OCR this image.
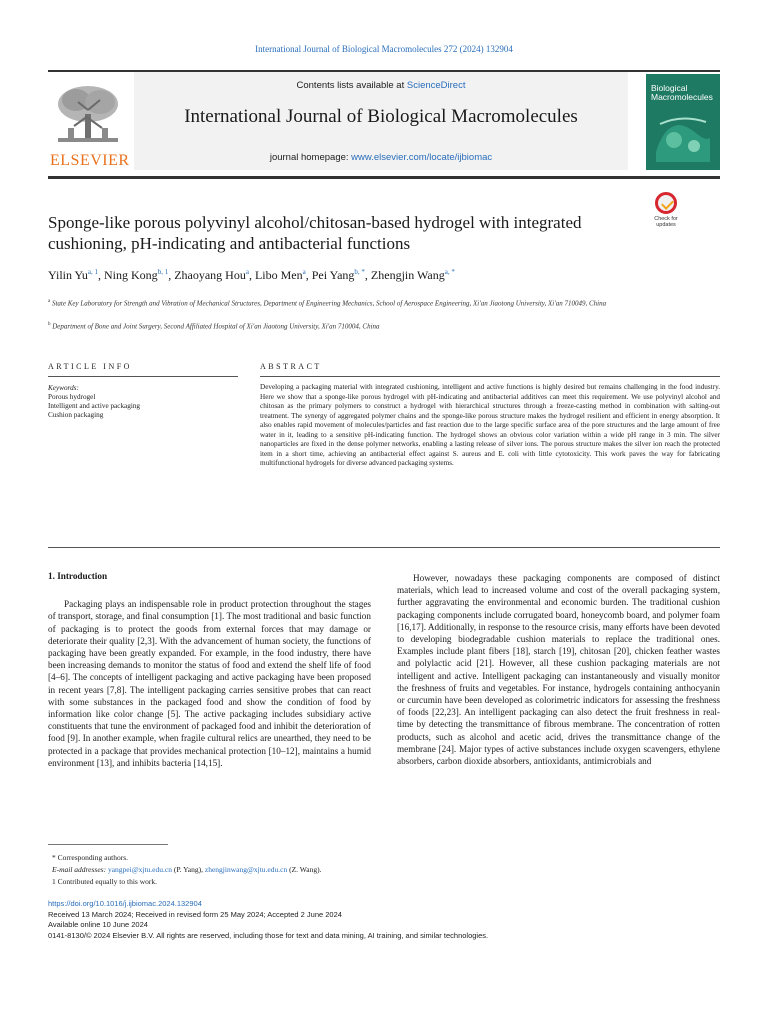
International Journal of Biological Macromolecules 272 (2024) 132904
ELSEVIER
Contents lists available at ScienceDirect
International Journal of Biological Macromolecules
journal homepage: www.elsevier.com/locate/ijbiomac
Biological Macromolecules
Sponge-like porous polyvinyl alcohol/chitosan-based hydrogel with integrated cushioning, pH-indicating and antibacterial functions
Check for updates
Yilin Yu$^{a, 1}$, Ning Kong$^{b, 1}$, Zhaoyang Hou$^a$, Libo Men$^a$, Pei Yang$^{b, *}$, Zhengjin Wang$^{a, *}$
$^a$ State Key Laboratory for Strength and Vibration of Mechanical Structures, Department of Engineering Mechanics, School of Aerospace Engineering, Xi'an Jiaotong University, Xi'an 710049, China
$^b$ Department of Bone and Joint Surgery, Second Affiliated Hospital of Xi'an Jiaotong University, Xi'an 710004, China
ARTICLE INFO	ABSTRACT
Keywords:
Porous hydrogel
Intelligent and active packaging
Cushion packaging
Developing a packaging material with integrated cushioning, intelligent and active functions is highly desired but remains challenging in the food industry. Here we show that a sponge-like porous hydrogel with pH-indicating and antibacterial additives can meet this requirement. We use polyvinyl alcohol and chitosan as the primary polymers to construct a hydrogel with hierarchical structures through a freeze-casting method in combination with salting-out treatment. The synergy of aggregated polymer chains and the sponge-like porous structure makes the hydrogel resilient and efficient in energy absorption. It also enables rapid movement of molecules/particles and fast reaction due to the large specific surface area of the pore structures and the large amount of free water in it, leading to a sensitive pH-indicating function. The hydrogel shows an obvious color variation within a wide pH range in 3 min. The silver nanoparticles are fixed in the dense polymer networks, enabling a lasting release of silver ions. The porous structure makes the silver ion reach the protected item in a short time, achieving an antibacterial effect against S. aureus and E. coli with little cytotoxicity. This work paves the way for fabricating multifunctional hydrogels for diverse advanced packaging systems.
1. Introduction

Packaging plays an indispensable role in product protection throughout the stages of transport, storage, and final consumption [1]. The most traditional and basic function of packaging is to protect the goods from external forces that may damage or deteriorate their quality [2,3]. With the advancement of human society, the functions of packaging have been greatly expanded. For example, in the food industry, there have been increasing demands to monitor the status of food and extend the shelf life of food [4–6]. The concepts of intelligent packaging and active packaging have been proposed in recent years [7,8]. The intelligent packaging carries sensitive probes that can react with some substances in the packaged food and show the condition of food by information like color change [5]. The active packaging includes subsidiary active constituents that tune the environment of packaged food and inhibit the deterioration of food [9]. In another example, when fragile cultural relics are unearthed, they need to be protected in a package that provides mechanical protection [10–12], maintains a humid environment [13], and inhibits bacteria [14,15].

However, nowadays these packaging components are composed of distinct materials, which lead to increased volume and cost of the overall packaging system, further aggravating the environmental and economic burden. The traditional cushion packaging components include corrugated board, honeycomb board, and polymer foam [16,17]. Additionally, in response to the resource crisis, many efforts have been devoted to developing biodegradable cushion materials to replace the traditional ones. Examples include plant fibers [18], starch [19], chitosan [20], chicken feather wastes and polylactic acid [21]. However, all these cushion packaging materials are not intelligent and active. Intelligent packaging can instantaneously and visually monitor the freshness of fruits and vegetables. For instance, hydrogels containing anthocyanin or curcumin have been developed as colorimetric indicators for assessing the freshness of foods [22,23]. An intelligent packaging can also detect the fruit freshness in real-time by detecting the transmittance of fibrous membrane. The concentration of rotten products, such as alcohol and acetic acid, drives the transmittance change of the membrane [24]. Major types of active substances include oxygen scavengers, ethylene absorbers, carbon dioxide absorbers, antioxidants, antimicrobials and

* Corresponding authors.
E-mail addresses: yangpei@xjtu.edu.cn (P. Yang), zhengjinwang@xjtu.edu.cn (Z. Wang).
1 Contributed equally to this work.
https://doi.org/10.1016/j.ijbiomac.2024.132904
Received 13 March 2024; Received in revised form 25 May 2024; Accepted 2 June 2024
Available online 10 June 2024
0141-8130/© 2024 Elsevier B.V. All rights are reserved, including those for text and data mining, AI training, and similar technologies.
